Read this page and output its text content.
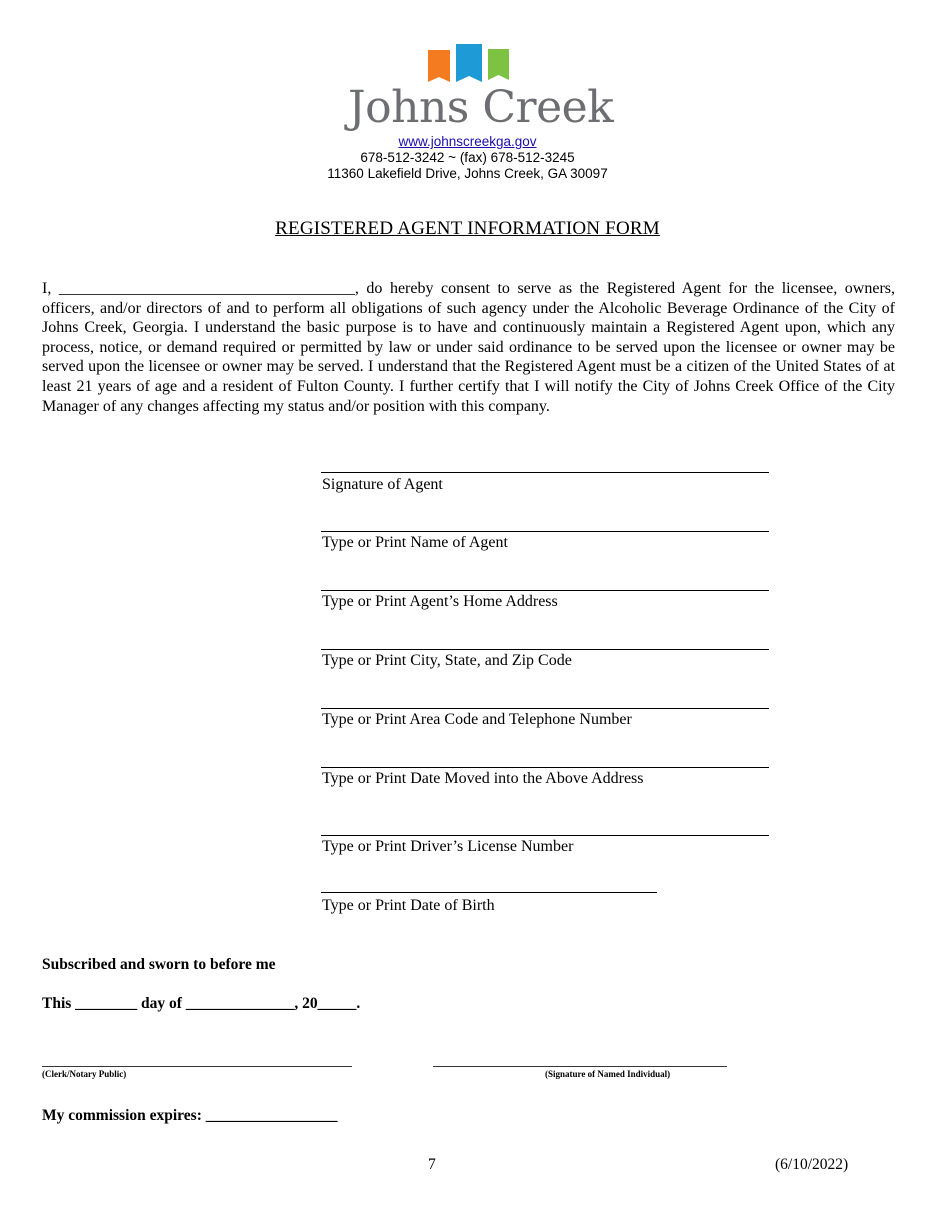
Johns Creek
www.johnscreekga.gov
678-512-3242 ~ (fax) 678-512-3245
11360 Lakefield Drive, Johns Creek, GA 30097
REGISTERED AGENT INFORMATION FORM
I, _____________________________________, do hereby consent to serve as the Registered Agent for the licensee, owners, officers, and/or directors of and to perform all obligations of such agency under the Alcoholic Beverage Ordinance of the City of Johns Creek, Georgia. I understand the basic purpose is to have and continuously maintain a Registered Agent upon, which any process, notice, or demand required or permitted by law or under said ordinance to be served upon the licensee or owner may be served upon the licensee or owner may be served. I understand that the Registered Agent must be a citizen of the United States of at least 21 years of age and a resident of Fulton County. I further certify that I will notify the City of Johns Creek Office of the City Manager of any changes affecting my status and/or position with this company.
Signature of Agent
Type or Print Name of Agent
Type or Print Agent’s Home Address
Type or Print City, State, and Zip Code
Type or Print Area Code and Telephone Number
Type or Print Date Moved into the Above Address
Type or Print Driver’s License Number
Type or Print Date of Birth
Subscribed and sworn to before me
This ________ day of ______________, 20_____.
________________________________________
(Clerk/Notary Public)
______________________________________
(Signature of Named Individual)
My commission expires: _________________
7	(6/10/2022)
